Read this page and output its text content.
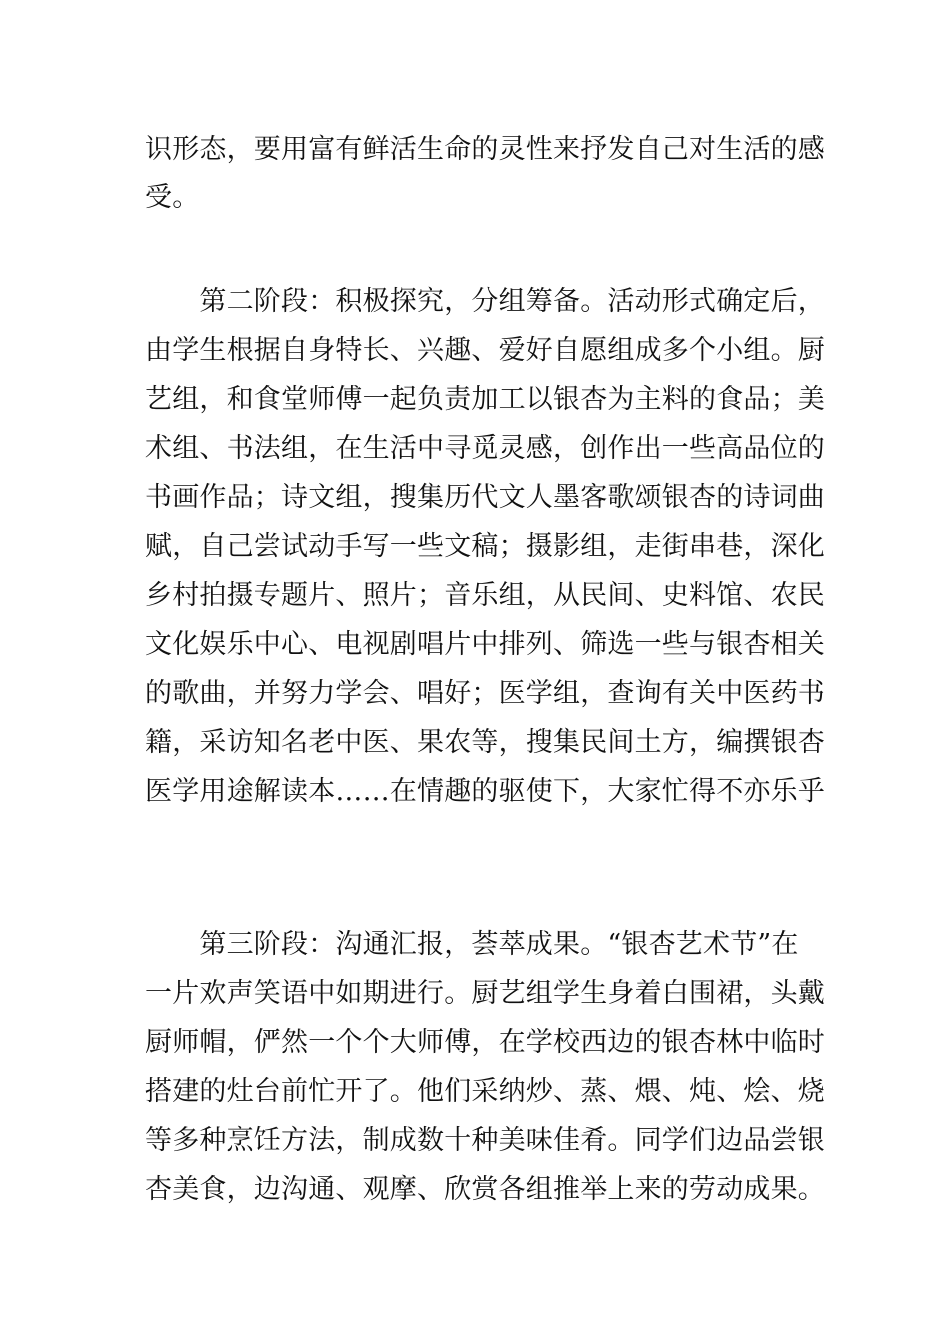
识形态，要用富有鲜活生命的灵性来抒发自己对生活的感
受。
　　第二阶段：积极探究，分组筹备。活动形式确定后，
由学生根据自身特长、兴趣、爱好自愿组成多个小组。厨
艺组，和食堂师傅一起负责加工以银杏为主料的食品；美
术组、书法组，在生活中寻觅灵感，创作出一些高品位的
书画作品；诗文组，搜集历代文人墨客歌颂银杏的诗词曲
赋，自己尝试动手写一些文稿；摄影组，走街串巷，深化
乡村拍摄专题片、照片；音乐组，从民间、史料馆、农民
文化娱乐中心、电视剧唱片中排列、筛选一些与银杏相关
的歌曲，并努力学会、唱好；医学组，查询有关中医药书
籍，采访知名老中医、果农等，搜集民间土方，编撰银杏
医学用途解读本……在情趣的驱使下，大家忙得不亦乐乎
　　第三阶段：沟通汇报，荟萃成果。“银杏艺术节”在
一片欢声笑语中如期进行。厨艺组学生身着白围裙，头戴
厨师帽，俨然一个个大师傅，在学校西边的银杏林中临时
搭建的灶台前忙开了。他们采纳炒、蒸、煨、炖、烩、烧
等多种烹饪方法，制成数十种美味佳肴。同学们边品尝银
杏美食，边沟通、观摩、欣赏各组推举上来的劳动成果。
